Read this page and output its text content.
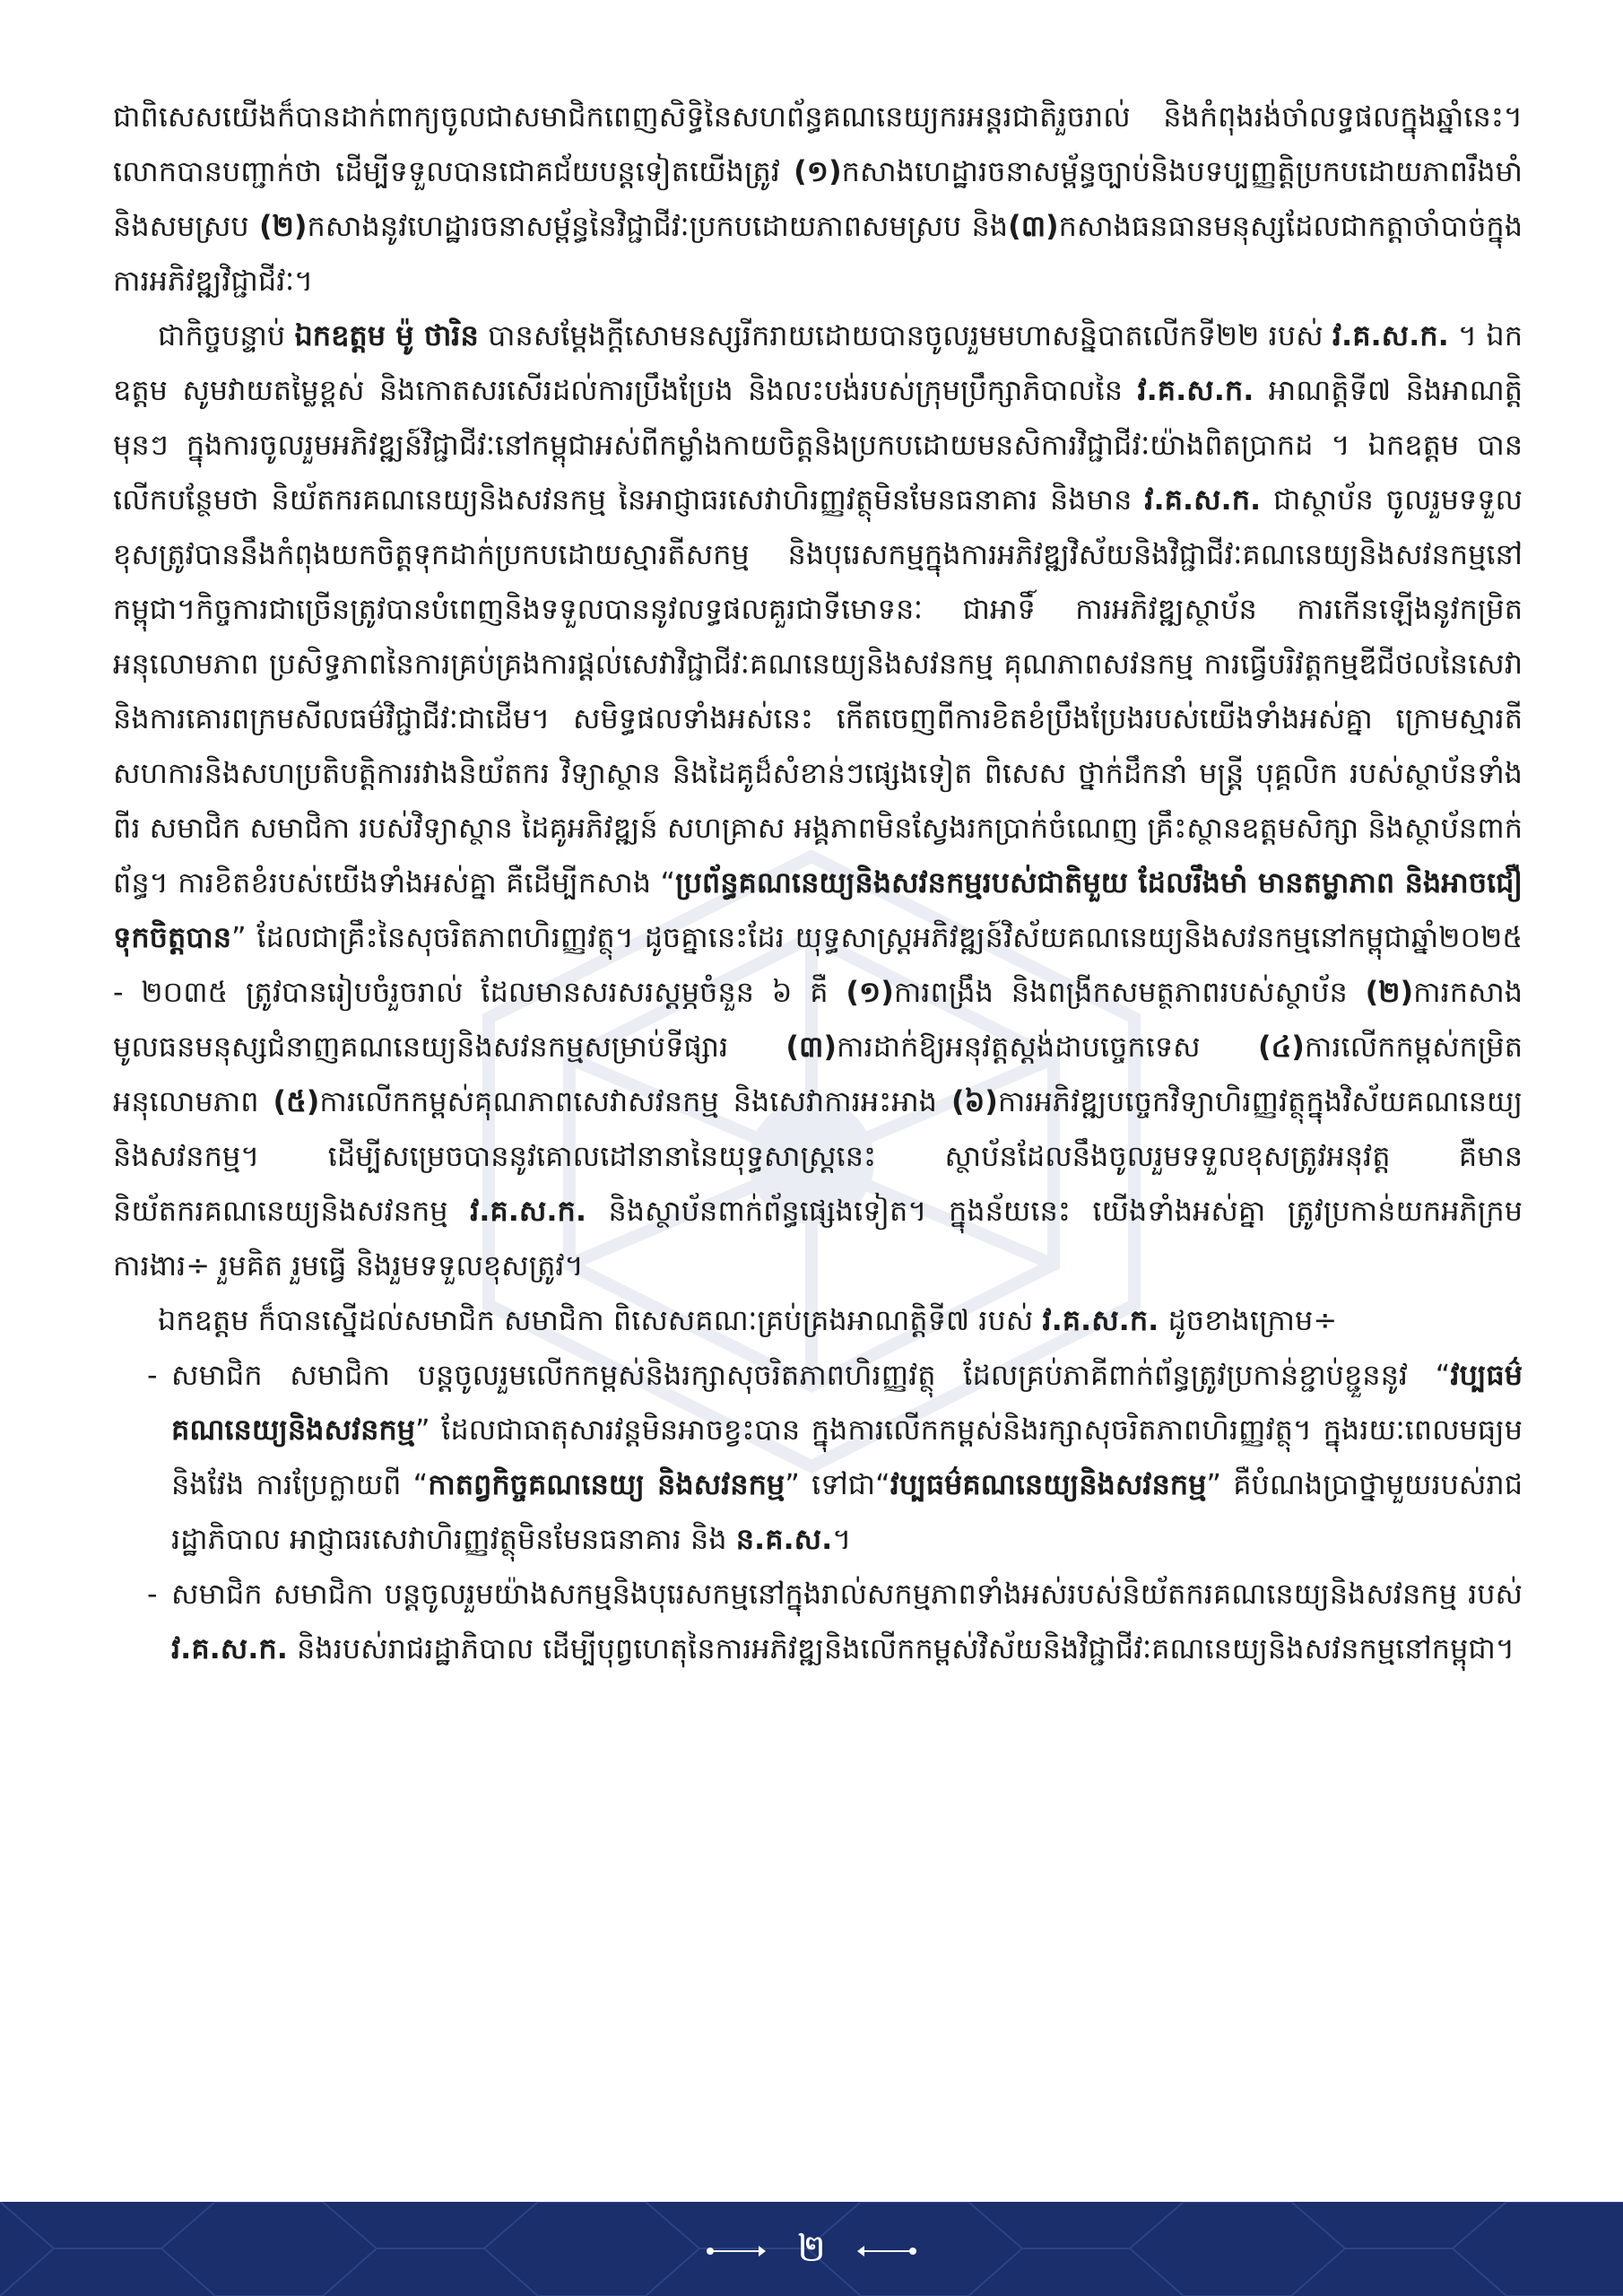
ជាពិសេសយើងក៏បានដាក់ពាក្យចូលជាសមាជិកពេញសិទ្ធិនៃសហព័ន្ធគណនេយ្យករអន្តរជាតិរួចរាល់ និងកំពុងរង់ចាំលទ្ធផលក្នុងឆ្នាំនេះ។ លោកបានបញ្ជាក់ថា ដើម្បីទទួលបានជោគជ័យបន្តទៀតយើងត្រូវ (១)កសាងហេដ្ឋារចនាសម្ព័ន្ធច្បាប់និងបទប្បញ្ញត្តិប្រកបដោយភាពរឹងមាំនិងសមស្រប (២)កសាងនូវហេដ្ឋារចនាសម្ព័ន្ធនៃវិជ្ជាជីវៈប្រកបដោយភាពសមស្រប និង(៣)កសាងធនធានមនុស្សដែលជាកត្តាចាំបាច់ក្នុងការអភិវឌ្ឍវិជ្ជាជីវៈ។

ជាកិច្ចបន្ទាប់ ឯកឧត្តម ម៉ូ ថារិន បានសម្តែងក្តីសោមនស្សរីករាយដោយបានចូលរួមមហាសន្និបាតលើកទី២២ របស់ វ.គ.ស.ក. ។ ឯកឧត្តម សូមវាយតម្លៃខ្ពស់ និងកោតសរសើរដល់ការប្រឹងប្រែង និងលះបង់របស់ក្រុមប្រឹក្សាភិបាលនៃ វ.គ.ស.ក. អាណត្តិទី៧ និងអាណត្តិមុនៗ ក្នុងការចូលរួមអភិវឌ្ឍន៍វិជ្ជាជីវៈនៅកម្ពុជាអស់ពីកម្លាំងកាយចិត្តនិងប្រកបដោយមនសិការវិជ្ជាជីវៈយ៉ាងពិតប្រាកដ ។ ឯកឧត្តម បានលើកបន្ថែមថា និយ័តករគណនេយ្យនិងសវនកម្ម នៃអាជ្ញាធរសេវាហិរញ្ញវត្ថុមិនមែនធនាគារ និងមាន វ.គ.ស.ក. ជាស្ថាប័ន ចូលរួមទទួលខុសត្រូវបាននឹងកំពុងយកចិត្តទុកដាក់ប្រកបដោយស្មារតីសកម្ម និងបុរេសកម្មក្នុងការអភិវឌ្ឍវិស័យនិងវិជ្ជាជីវៈគណនេយ្យនិងសវនកម្មនៅកម្ពុជា។កិច្ចការជាច្រើនត្រូវបានបំពេញនិងទទួលបាននូវលទ្ធផលគួរជាទីមោទនៈ ជាអាទិ៍ ការអភិវឌ្ឍស្ថាប័ន ការកើនឡើងនូវកម្រិតអនុលោមភាព ប្រសិទ្ធភាពនៃការគ្រប់គ្រងការផ្តល់សេវាវិជ្ជាជីវៈគណនេយ្យនិងសវនកម្ម គុណភាពសវនកម្ម ការធ្វើបរិវត្តកម្មឌីជីថលនៃសេវា និងការគោរពក្រមសីលធម៌វិជ្ជាជីវៈជាដើម។ សមិទ្ធផលទាំងអស់នេះ កើតចេញពីការខិតខំប្រឹងប្រែងរបស់យើងទាំងអស់គ្នា ក្រោមស្មារតីសហការនិងសហប្រតិបត្តិការរវាងនិយ័តករ វិទ្យាស្ថាន និងដៃគូដ៏សំខាន់ៗផ្សេងទៀត ពិសេស ថ្នាក់ដឹកនាំ មន្ត្រី បុគ្គលិក របស់ស្ថាប័នទាំងពីរ សមាជិក សមាជិកា របស់វិទ្យាស្ថាន ដៃគូអភិវឌ្ឍន៍ សហគ្រាស អង្គភាពមិនស្វែងរកប្រាក់ចំណេញ គ្រឹះស្ថានឧត្តមសិក្សា និងស្ថាប័នពាក់ព័ន្ធ។ ការខិតខំរបស់យើងទាំងអស់គ្នា គឺដើម្បីកសាង “ប្រព័ន្ធគណនេយ្យនិងសវនកម្មរបស់ជាតិមួយ ដែលរឹងមាំ មានតម្លាភាព និងអាចជឿទុកចិត្តបាន” ដែលជាគ្រឹះនៃសុចរិតភាពហិរញ្ញវត្ថុ។ ដូចគ្នានេះដែរ យុទ្ធសាស្ត្រអភិវឌ្ឍន៍វិស័យគណនេយ្យនិងសវនកម្មនៅកម្ពុជាឆ្នាំ២០២៥ - ២០៣៥ ត្រូវបានរៀបចំរួចរាល់ ដែលមានសរសរស្តម្ភចំនួន ៦ គឺ (១)ការពង្រឹង និងពង្រីកសមត្ថភាពរបស់ស្ថាប័ន (២)ការកសាងមូលធនមនុស្សជំនាញគណនេយ្យនិងសវនកម្មសម្រាប់ទីផ្សារ (៣)ការដាក់ឱ្យអនុវត្តស្តង់ដាបច្ចេកទេស (៤)ការលើកកម្ពស់កម្រិតអនុលោមភាព (៥)ការលើកកម្ពស់គុណភាពសេវាសវនកម្ម និងសេវាការអះអាង (៦)ការអភិវឌ្ឍបច្ចេកវិទ្យាហិរញ្ញវត្ថុក្នុងវិស័យគណនេយ្យនិងសវនកម្ម។ ដើម្បីសម្រេចបាននូវគោលដៅនានានៃយុទ្ធសាស្ត្រនេះ ស្ថាប័នដែលនឹងចូលរួមទទួលខុសត្រូវអនុវត្ត គឺមាន និយ័តករគណនេយ្យនិងសវនកម្ម វ.គ.ស.ក. និងស្ថាប័នពាក់ព័ន្ធផ្សេងទៀត។ ក្នុងន័យនេះ យើងទាំងអស់គ្នា ត្រូវប្រកាន់យកអភិក្រមការងារ÷ រួមគិត រួមធ្វើ និងរួមទទួលខុសត្រូវ។

ឯកឧត្តម ក៏បានស្នើដល់សមាជិក សមាជិកា ពិសេសគណៈគ្រប់គ្រងអាណត្តិទី៧ របស់ វ.គ.ស.ក. ដូចខាងក្រោម÷

- សមាជិក សមាជិកា បន្តចូលរួមលើកកម្ពស់និងរក្សាសុចរិតភាពហិរញ្ញវត្ថុ ដែលគ្រប់ភាគីពាក់ព័ន្ធត្រូវប្រកាន់ខ្ជាប់ខ្ជួននូវ “វប្បធម៌គណនេយ្យនិងសវនកម្ម” ដែលជាធាតុសារវន្តមិនអាចខ្វះបាន ក្នុងការលើកកម្ពស់និងរក្សាសុចរិតភាពហិរញ្ញវត្ថុ។ ក្នុងរយៈពេលមធ្យមនិងវែង ការប្រែក្លាយពី “កាតព្វកិច្ចគណនេយ្យ និងសវនកម្ម” ទៅជា“វប្បធម៌គណនេយ្យនិងសវនកម្ម” គឺបំណងប្រាថ្នាមួយរបស់រាជរដ្ឋាភិបាល អាជ្ញាធរសេវាហិរញ្ញវត្ថុមិនមែនធនាគារ និង ន.គ.ស.។

- សមាជិក សមាជិកា បន្តចូលរួមយ៉ាងសកម្មនិងបុរេសកម្មនៅក្នុងរាល់សកម្មភាពទាំងអស់របស់និយ័តករគណនេយ្យនិងសវនកម្ម របស់ វ.គ.ស.ក. និងរបស់រាជរដ្ឋាភិបាល ដើម្បីបុព្វហេតុនៃការអភិវឌ្ឍនិងលើកកម្ពស់វិស័យនិងវិជ្ជាជីវៈគណនេយ្យនិងសវនកម្មនៅកម្ពុជា។

២
